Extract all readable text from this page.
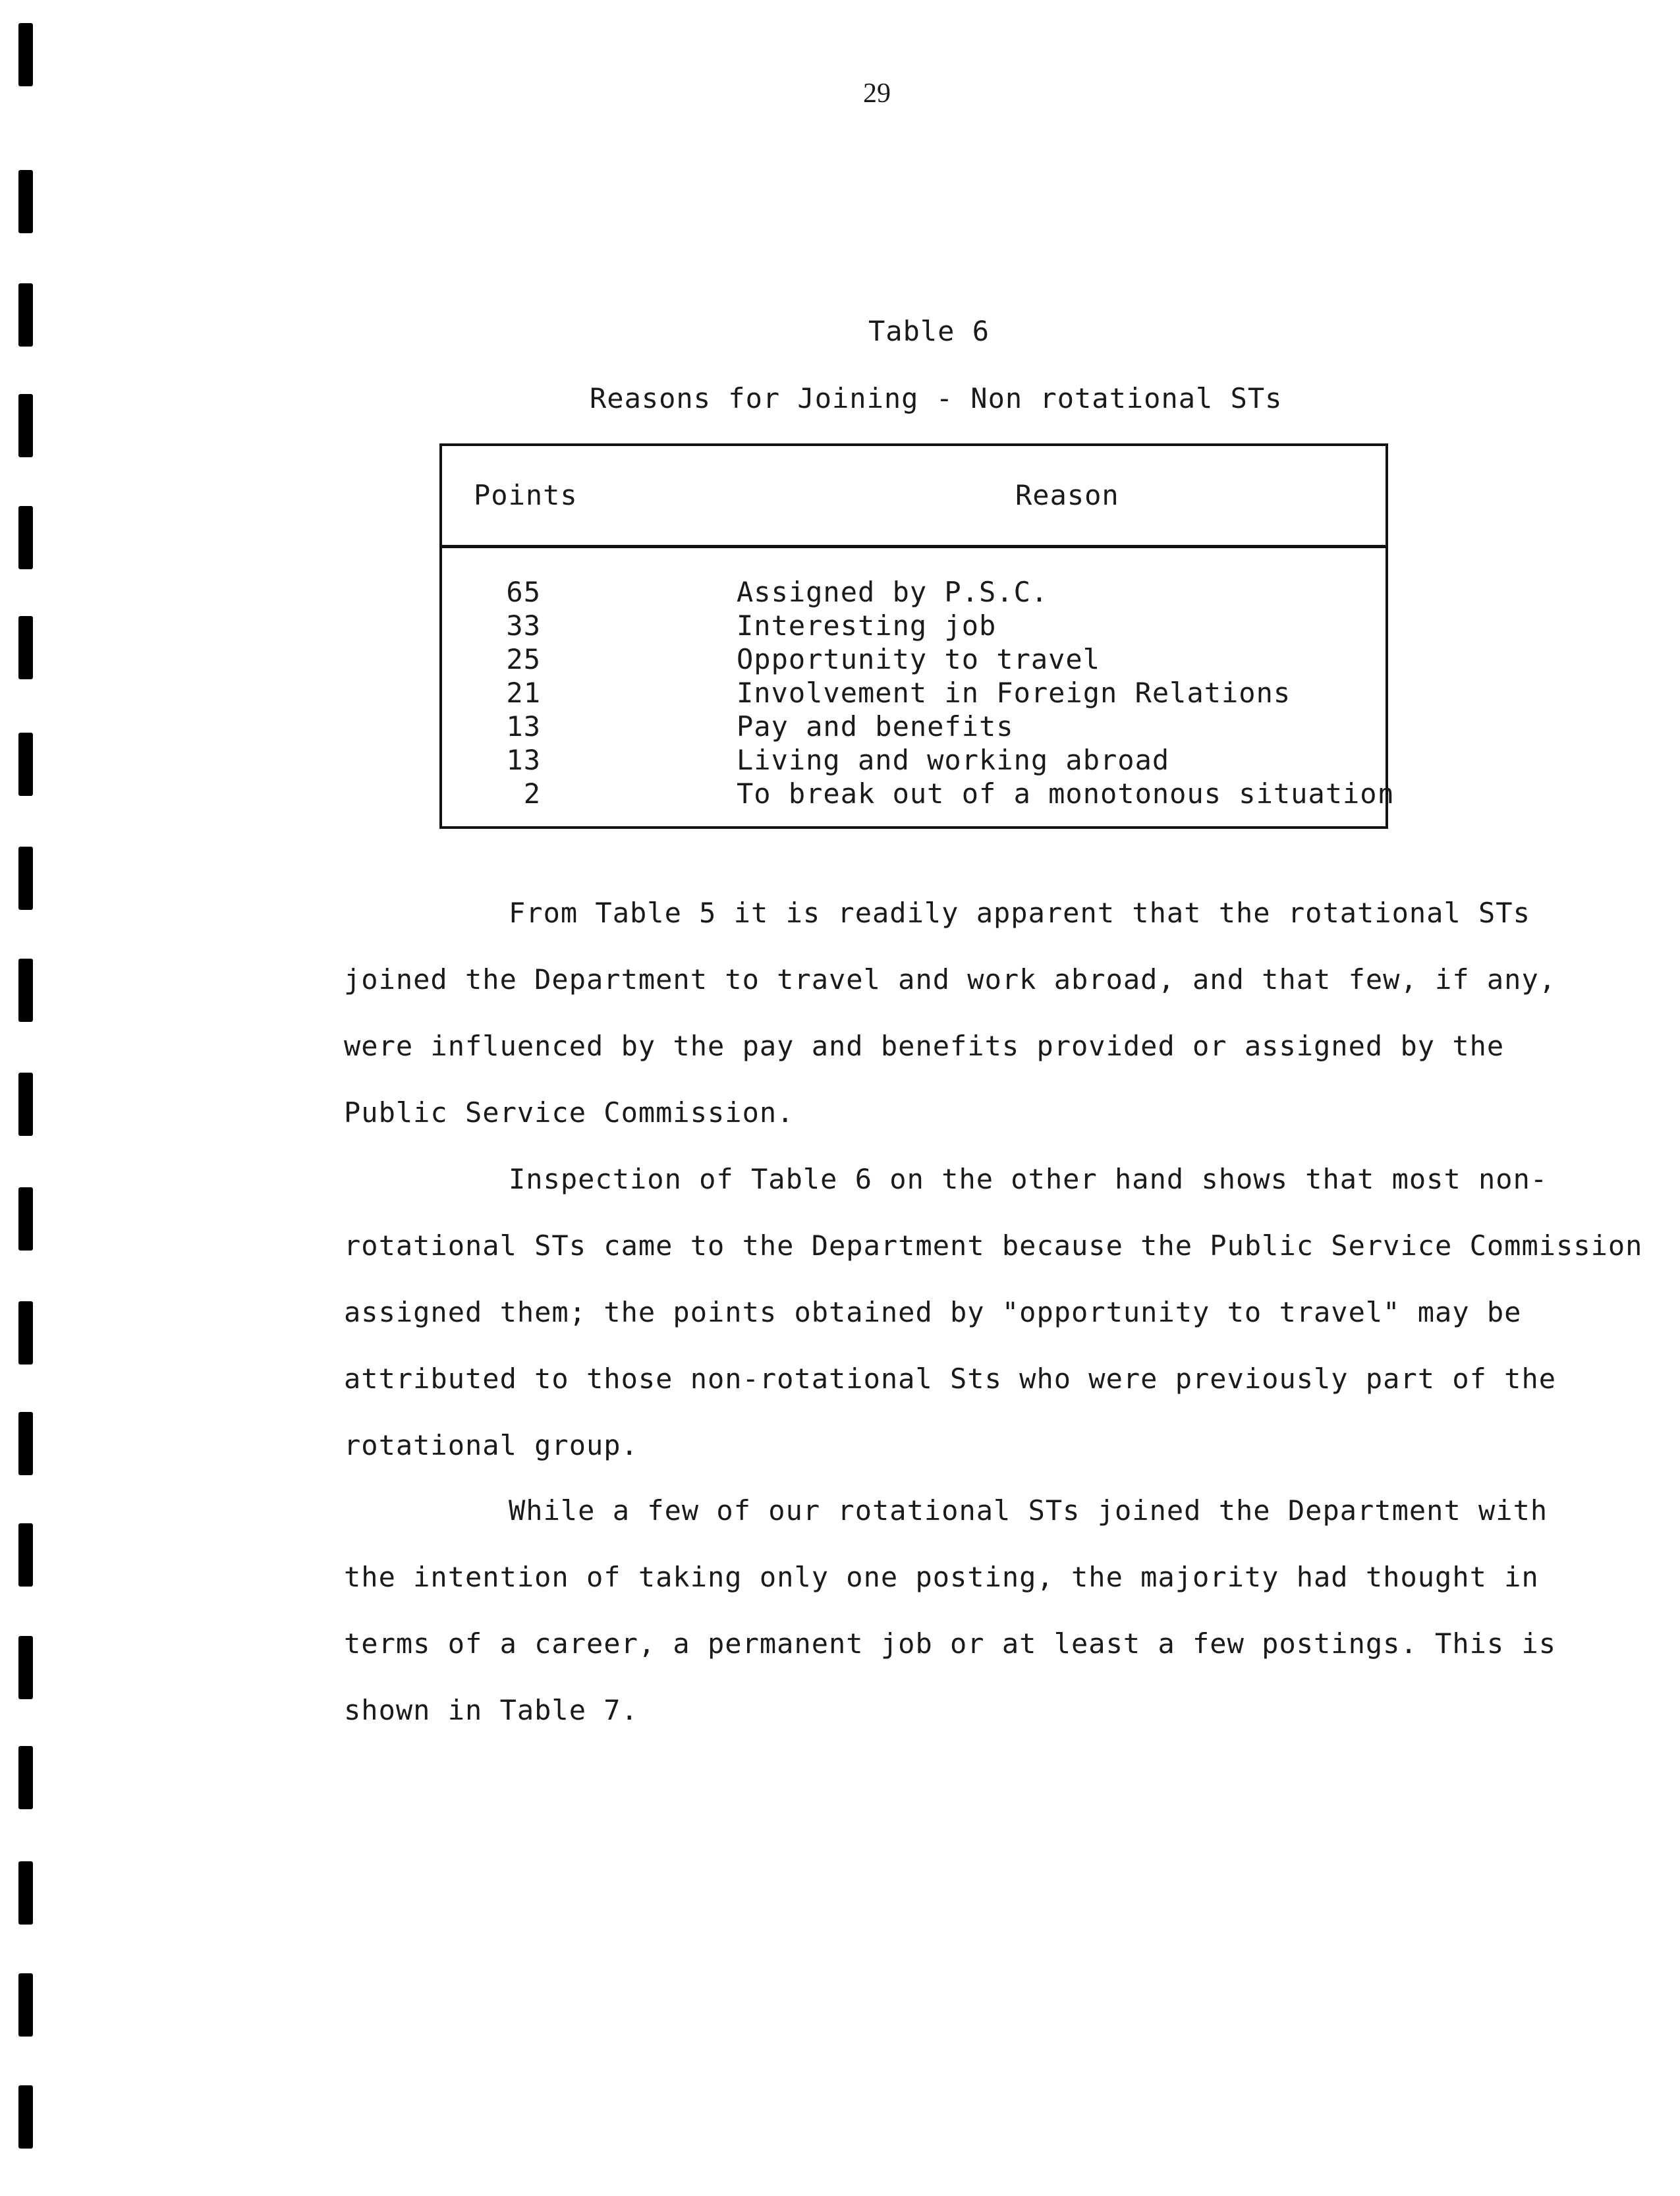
29
Table 6
Reasons for Joining - Non rotational STs
Points	Reason
65	Assigned by P.S.C.
33	Interesting job
25	Opportunity to travel
21	Involvement in Foreign Relations
13	Pay and benefits
13	Living and working abroad
2	To break out of a monotonous situation

From Table 5 it is readily apparent that the rotational STs
joined the Department to travel and work abroad, and that few, if any,
were influenced by the pay and benefits provided or assigned by the
Public Service Commission.

Inspection of Table 6 on the other hand shows that most non-
rotational STs came to the Department because the Public Service Commission
assigned them; the points obtained by "opportunity to travel" may be
attributed to those non-rotational Sts who were previously part of the
rotational group.

While a few of our rotational STs joined the Department with
the intention of taking only one posting, the majority had thought in
terms of a career, a permanent job or at least a few postings. This is
shown in Table 7.
